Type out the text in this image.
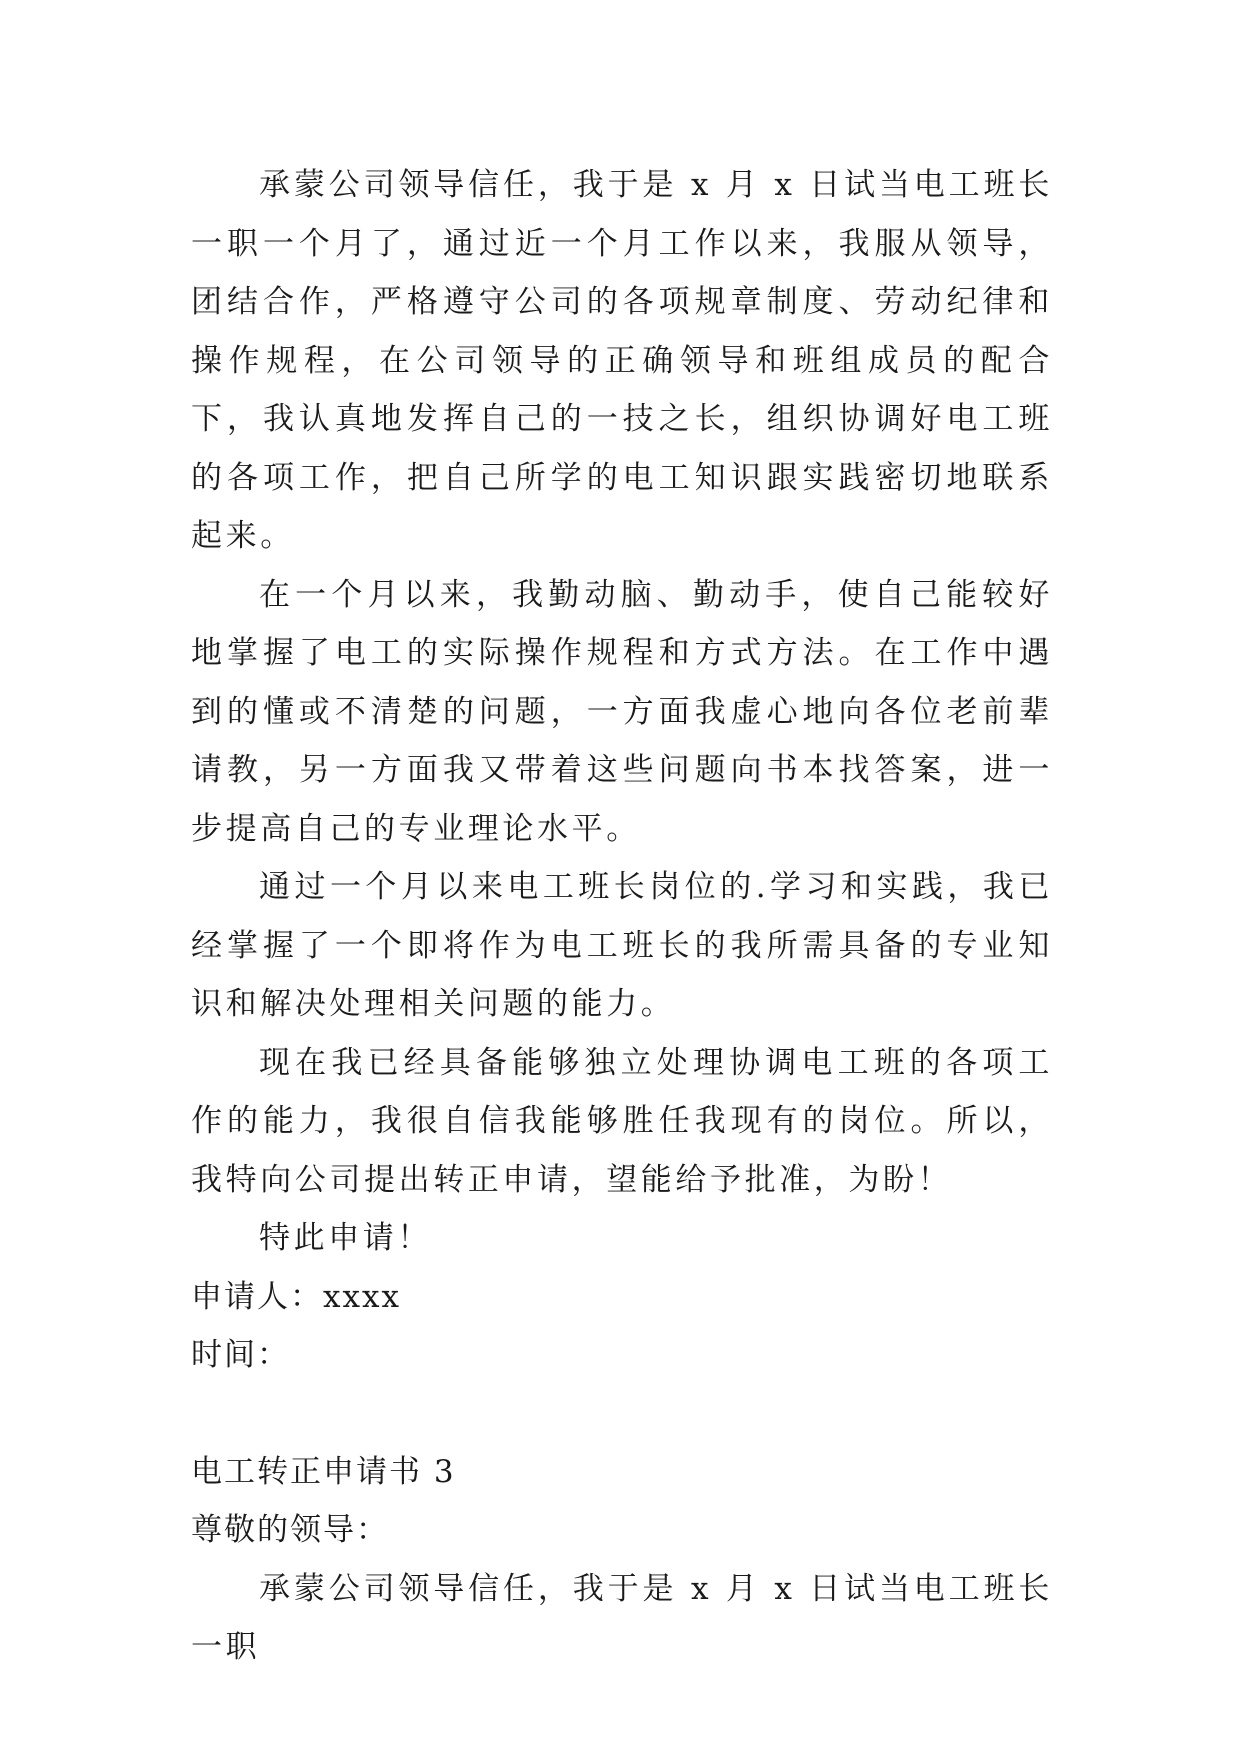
承蒙公司领导信任，我于是 x 月 x 日试当电工班长一职一个月了，通过近一个月工作以来，我服从领导，团结合作，严格遵守公司的各项规章制度、劳动纪律和操作规程，在公司领导的正确领导和班组成员的配合下，我认真地发挥自己的一技之长，组织协调好电工班的各项工作，把自己所学的电工知识跟实践密切地联系起来。

在一个月以来，我勤动脑、勤动手，使自己能较好地掌握了电工的实际操作规程和方式方法。在工作中遇到的懂或不清楚的问题，一方面我虚心地向各位老前辈请教，另一方面我又带着这些问题向书本找答案，进一步提高自己的专业理论水平。

通过一个月以来电工班长岗位的.学习和实践，我已经掌握了一个即将作为电工班长的我所需具备的专业知识和解决处理相关问题的能力。

现在我已经具备能够独立处理协调电工班的各项工作的能力，我很自信我能够胜任我现有的岗位。所以，我特向公司提出转正申请，望能给予批准，为盼！

特此申请！

申请人：xxxx

时间：

电工转正申请书 3

尊敬的领导：

承蒙公司领导信任，我于是 x 月 x 日试当电工班长一职
